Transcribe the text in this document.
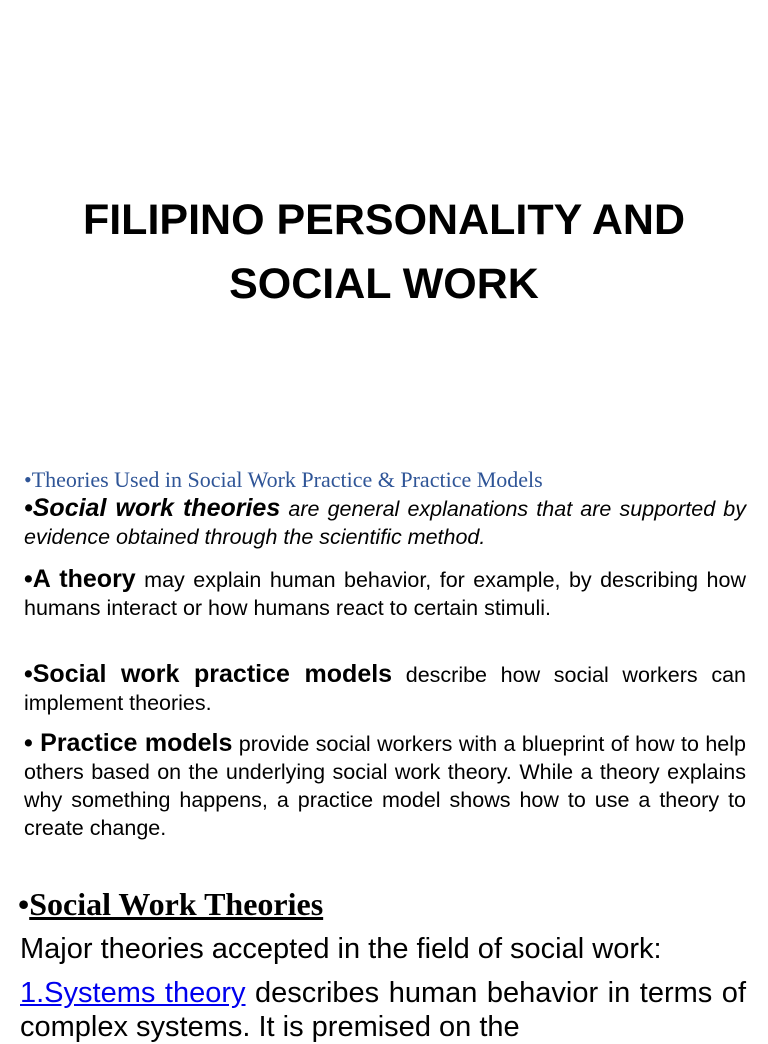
FILIPINO PERSONALITY AND
SOCIAL WORK
•Theories Used in Social Work Practice & Practice Models

•Social work theories are general explanations that are supported by evidence obtained through the scientific method.

•A theory may explain human behavior, for example, by describing how humans interact or how humans react to certain stimuli.

•Social work practice models describe how social workers can implement theories.

• Practice models provide social workers with a blueprint of how to help others based on the underlying social work theory. While a theory explains why something happens, a practice model shows how to use a theory to create change.

•Social Work Theories

Major theories accepted in the field of social work:

1.Systems theory describes human behavior in terms of complex systems. It is premised on the
